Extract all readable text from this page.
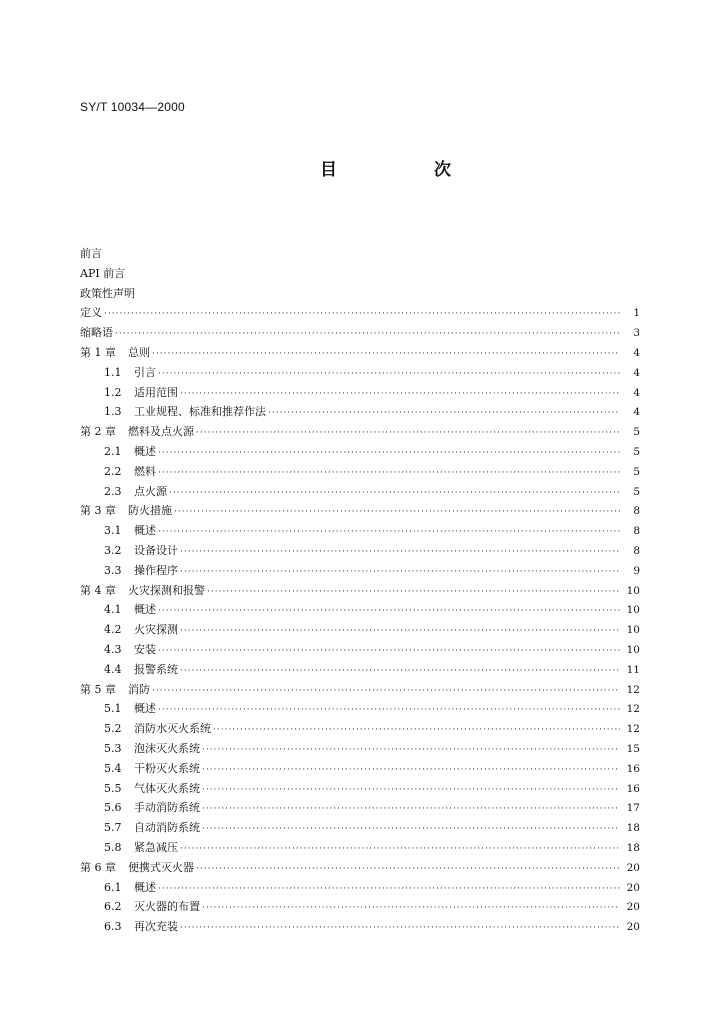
SY/T 10034—2000
目　次
前言
API 前言
政策性声明
定义 ·····	1
缩略语 ·····	3
第 1 章	总则 ·····	4
1.1	引言 ·····	4
1.2	适用范围 ·····	4
1.3	工业规程、标准和推荐作法 ·····	4
第 2 章	燃料及点火源 ·····	5
2.1	概述 ·····	5
2.2	燃料 ·····	5
2.3	点火源 ·····	5
第 3 章	防火措施 ·····	8
3.1	概述 ·····	8
3.2	设备设计 ·····	8
3.3	操作程序 ·····	9
第 4 章	火灾探测和报警 ·····	10
4.1	概述 ·····	10
4.2	火灾探测 ·····	10
4.3	安装 ·····	10
4.4	报警系统 ·····	11
第 5 章	消防 ·····	12
5.1	概述 ·····	12
5.2	消防水灭火系统 ·····	12
5.3	泡沫灭火系统 ·····	15
5.4	干粉灭火系统 ·····	16
5.5	气体灭火系统 ·····	16
5.6	手动消防系统 ·····	17
5.7	自动消防系统 ·····	18
5.8	紧急减压 ·····	18
第 6 章	便携式灭火器 ·····	20
6.1	概述 ·····	20
6.2	灭火器的布置 ·····	20
6.3	再次充装 ·····	20
